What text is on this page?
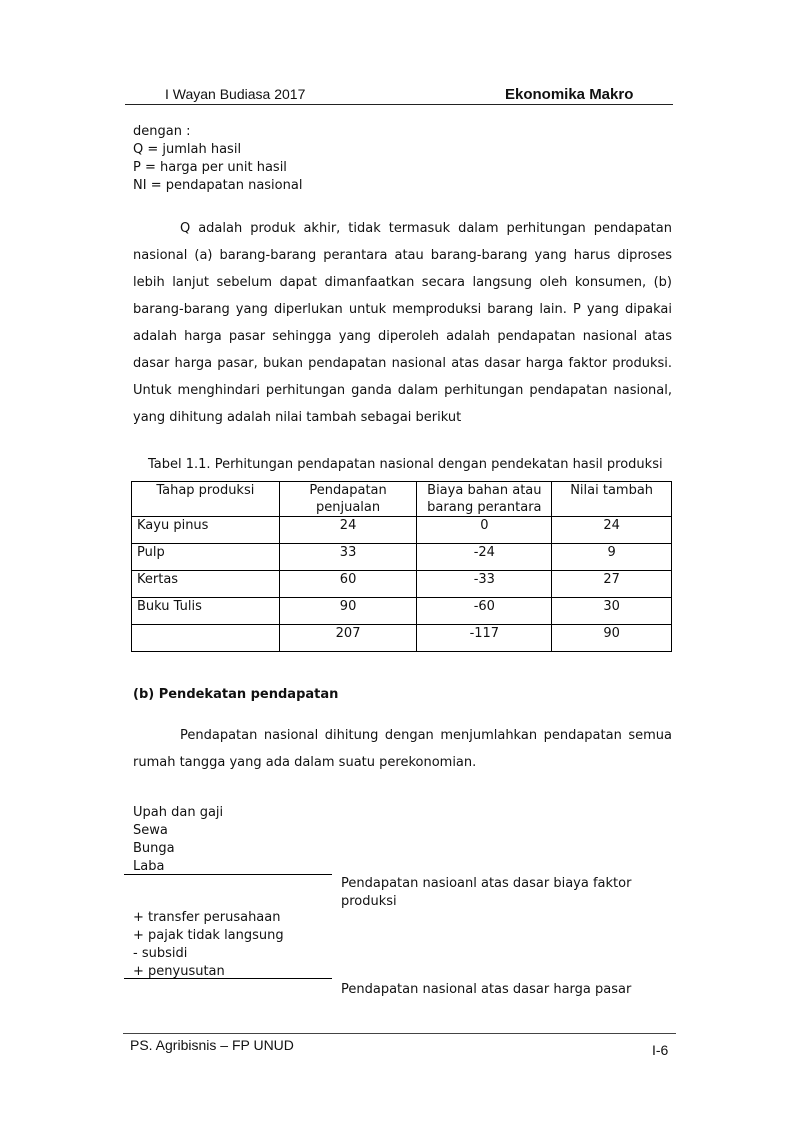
I Wayan Budiasa 2017	Ekonomika Makro
dengan :
Q = jumlah hasil
P = harga per unit hasil
NI = pendapatan nasional
Q adalah produk akhir, tidak termasuk dalam perhitungan pendapatan nasional (a) barang-barang perantara atau barang-barang yang harus diproses lebih lanjut sebelum dapat dimanfaatkan secara langsung oleh konsumen, (b) barang-barang yang diperlukan untuk memproduksi barang lain. P yang dipakai adalah harga pasar sehingga yang diperoleh adalah pendapatan nasional atas dasar harga pasar, bukan pendapatan nasional atas dasar harga faktor produksi. Untuk menghindari perhitungan ganda dalam perhitungan pendapatan nasional, yang dihitung adalah nilai tambah sebagai berikut
Tabel 1.1. Perhitungan pendapatan nasional dengan pendekatan hasil produksi
Tahap produksi	Pendapatan penjualan	Biaya bahan atau barang perantara	Nilai tambah
Kayu pinus	24	0	24
Pulp	33	-24	9
Kertas	60	-33	27
Buku Tulis	90	-60	30
	207	-117	90
(b) Pendekatan pendapatan
Pendapatan nasional dihitung dengan menjumlahkan pendapatan semua rumah tangga yang ada dalam suatu perekonomian.
Upah dan gaji
Sewa
Bunga
Laba
Pendapatan nasioanl atas dasar biaya faktor produksi
+ transfer perusahaan
+ pajak tidak langsung
- subsidi
+ penyusutan
Pendapatan nasional atas dasar harga pasar
PS. Agribisnis – FP UNUD	I-6
